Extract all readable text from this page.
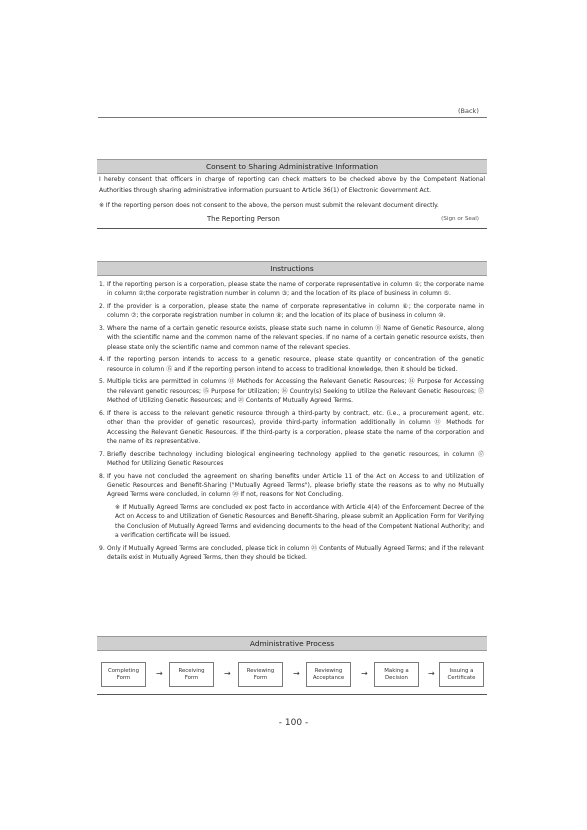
(Back)
Consent to Sharing Administrative Information
I hereby consent that officers in charge of reporting can check matters to be checked above by the Competent National Authorities through sharing administrative information pursuant to Article 36(1) of Electronic Government Act.
※ If the reporting person does not consent to the above, the person must submit the relevant document directly.
The Reporting Person	(Sign or Seal)
Instructions
1. If the reporting person is a corporation, please state the name of corporate representative in column ①; the corporate name in column ②;the corporate registration number in column ③; and the location of its place of business in column ⑤.
2. If the provider is a corporation, please state the name of corporate representative in column ⑥; the corporate name in column ⑦; the corporate registration number in column ⑧; and the location of its place of business in column ⑩.
3. Where the name of a certain genetic resource exists, please state such name in column ⑪ Name of Genetic Resource, along with the scientific name and the common name of the relevant species. If no name of a certain genetic resource exists, then please state only the scientific name and common name of the relevant species.
4. If the reporting person intends to access to a genetic resource, please state quantity or concentration of the genetic resource in column ⑮ and if the reporting person intend to access to traditional knowledge, then it should be ticked.
5. Multiple ticks are permitted in columns ⑬ Methods for Accessing the Relevant Genetic Resources; ⑭ Purpose for Accessing the relevant genetic resources; ⑮ Purpose for Utilization; ⑯ Country(s) Seeking to Utilize the Relevant Genetic Resources; ⑰ Method of Utilizing Genetic Resources; and ㉑ Contents of Mutually Agreed Terms.
6. If there is access to the relevant genetic resource through a third-party by contract, etc. (i.e., a procurement agent, etc. other than the provider of genetic resources), provide third-party information additionally in column ⑬ Methods for Accessing the Relevant Genetic Resources. If the third-party is a corporation, please state the name of the corporation and the name of its representative.
7. Briefly describe technology including biological engineering technology applied to the genetic resources, in column ⑰ Method for Utilizing Genetic Resources
8. If you have not concluded the agreement on sharing benefits under Article 11 of the Act on Access to and Utilization of Genetic Resources and Benefit-Sharing ("Mutually Agreed Terms"), please briefly state the reasons as to why no Mutually Agreed Terms were concluded, in column ⑳ If not, reasons for Not Concluding.
※ If Mutually Agreed Terms are concluded ex post facto in accordance with Article 4(4) of the Enforcement Decree of the Act on Access to and Utilization of Genetic Resources and Benefit-Sharing, please submit an Application Form for Verifying the Conclusion of Mutually Agreed Terms and evidencing documents to the head of the Competent National Authority; and a verification certificate will be issued.
9. Only if Mutually Agreed Terms are concluded, please tick in column ㉑ Contents of Mutually Agreed Terms; and if the relevant details exist in Mutually Agreed Terms, then they should be ticked.
Administrative Process
Completing
Form	→	Receiving
Form	→	Reviewing
Form	→	Reviewing
Acceptance	→	Making a
Decision	→	Issuing a
Certificate
- 100 -
